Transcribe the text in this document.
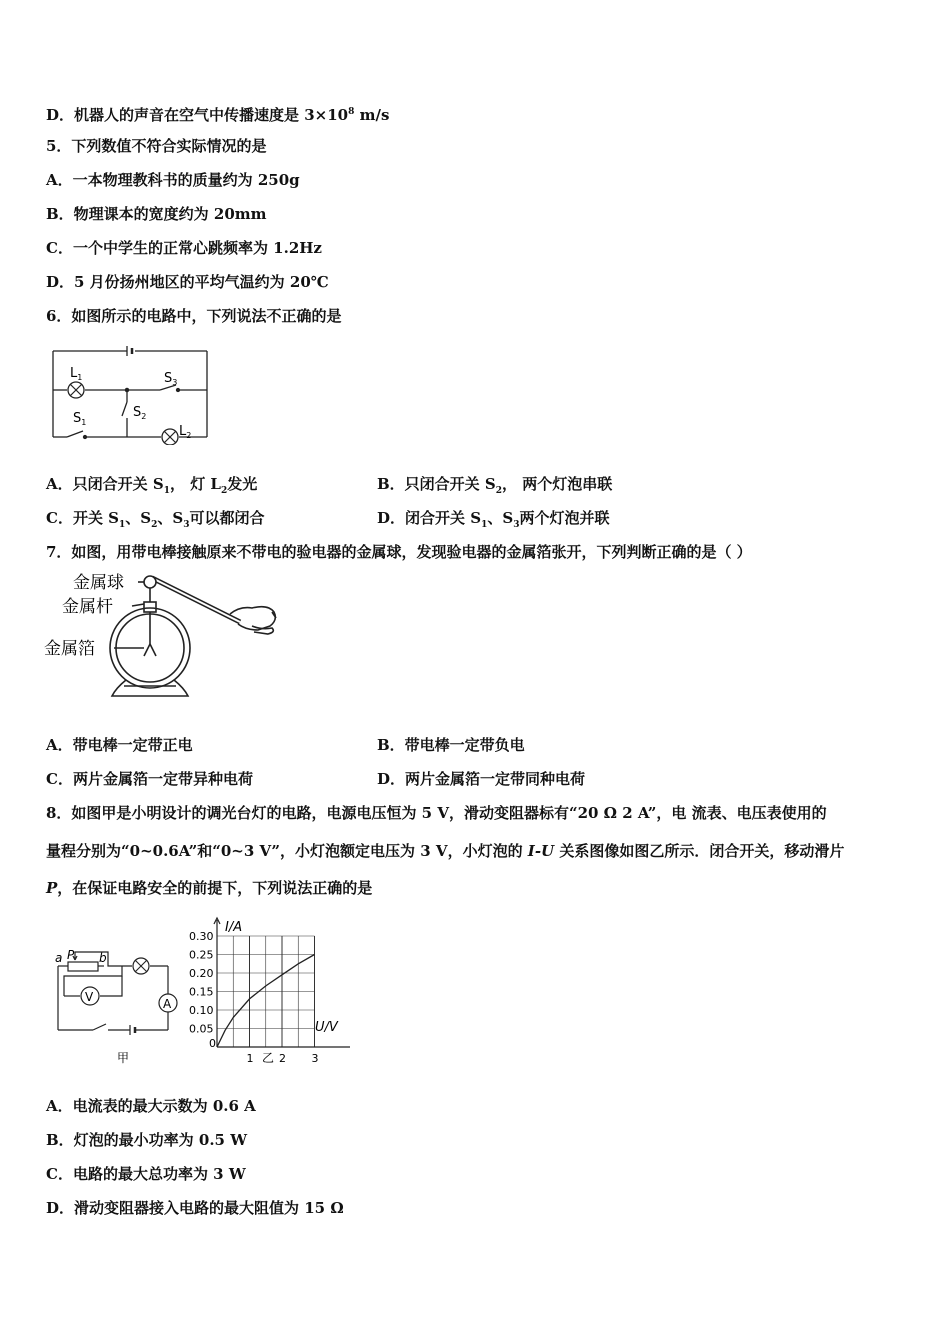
D．机器人的声音在空气中传播速度是 $3\times 10^8$ m/s
5．下列数值不符合实际情况的是
A．一本物理教科书的质量约为 250g
B．物理课本的宽度约为 20mm
C．一个中学生的正常心跳频率为 1.2Hz
D．5 月份扬州地区的平均气温约为 20℃
6．如图所示的电路中，下列说法不正确的是
$L_1$	$S_3$
$S_1$
$S_2$
$L_2$
A．只闭合开关 $S_1$， 灯 $L_2$发光	B．只闭合开关 $S_2$， 两个灯泡串联
C．开关 $S_1$、$S_2$、$S_3$可以都闭合	D．闭合开关 $S_1$、$S_3$两个灯泡并联
7．如图，用带电棒接触原来不带电的验电器的金属球，发现验电器的金属箔张开，下列判断正确的是（ ）
金属球
金属杆
金属箔
A．带电棒一定带正电	B．带电棒一定带负电
C．两片金属箔一定带异种电荷	D．两片金属箔一定带同种电荷
8．如图甲是小明设计的调光台灯的电路，电源电压恒为 5 V，滑动变阻器标有“20 Ω 2 A”，电 流表、电压表使用的
量程分别为“0~0.6A”和“0~3 V”，小灯泡额定电压为 3 V，小灯泡的 I-U 关系图像如图乙所示．闭合开关，移动滑片
P，在保证电路安全的前提下，下列说法正确的是
a P b
V	A
甲
I/A
U/V
0
0.30
0.25
0.20
0.15
0.10
0.05
1 2 3
乙
A．电流表的最大示数为 0.6 A
B．灯泡的最小功率为 0.5 W
C．电路的最大总功率为 3 W
D．滑动变阻器接入电路的最大阻值为 15 Ω
